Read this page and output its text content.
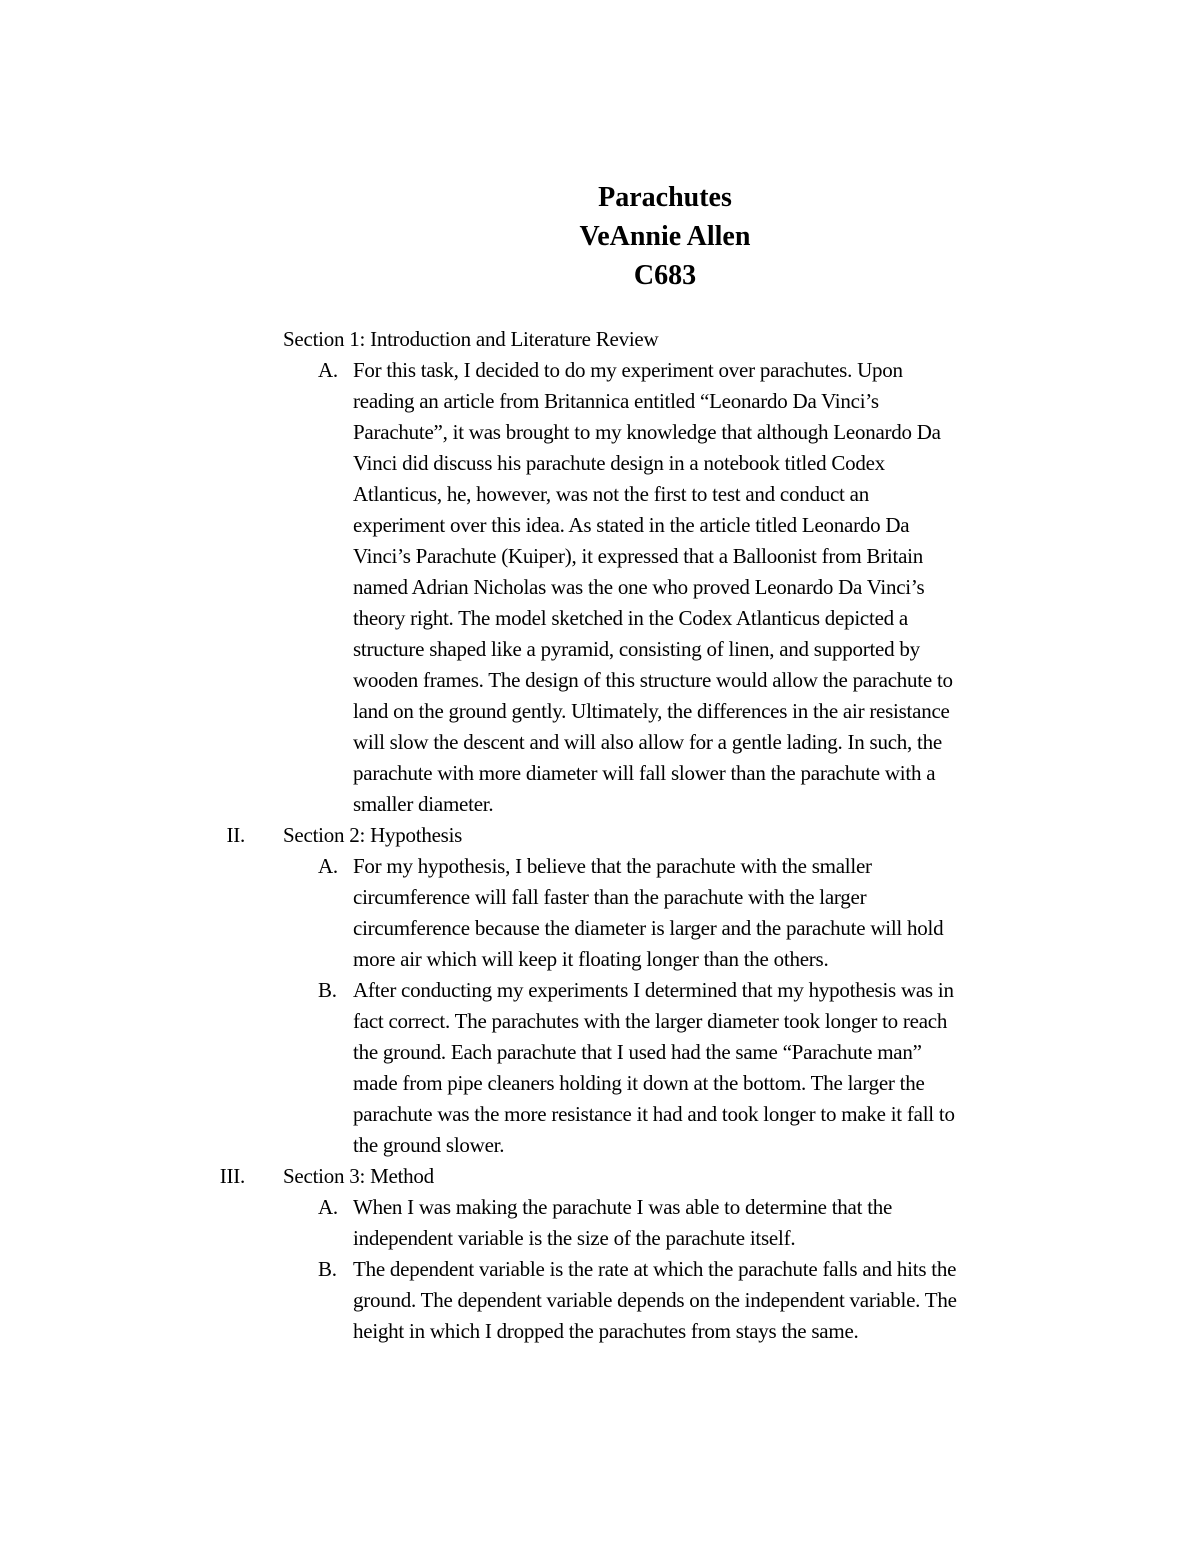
Parachutes
VeAnnie Allen
C683
Section 1: Introduction and Literature Review
A. For this task, I decided to do my experiment over parachutes. Upon
reading an article from Britannica entitled “Leonardo Da Vinci’s
Parachute”, it was brought to my knowledge that although Leonardo Da
Vinci did discuss his parachute design in a notebook titled Codex
Atlanticus, he, however, was not the first to test and conduct an
experiment over this idea. As stated in the article titled Leonardo Da
Vinci’s Parachute (Kuiper), it expressed that a Balloonist from Britain
named Adrian Nicholas was the one who proved Leonardo Da Vinci’s
theory right. The model sketched in the Codex Atlanticus depicted a
structure shaped like a pyramid, consisting of linen, and supported by
wooden frames. The design of this structure would allow the parachute to
land on the ground gently. Ultimately, the differences in the air resistance
will slow the descent and will also allow for a gentle lading. In such, the
parachute with more diameter will fall slower than the parachute with a
smaller diameter.
II. Section 2: Hypothesis
A. For my hypothesis, I believe that the parachute with the smaller
circumference will fall faster than the parachute with the larger
circumference because the diameter is larger and the parachute will hold
more air which will keep it floating longer than the others.
B. After conducting my experiments I determined that my hypothesis was in
fact correct. The parachutes with the larger diameter took longer to reach
the ground. Each parachute that I used had the same “Parachute man”
made from pipe cleaners holding it down at the bottom. The larger the
parachute was the more resistance it had and took longer to make it fall to
the ground slower.
III. Section 3: Method
A. When I was making the parachute I was able to determine that the
independent variable is the size of the parachute itself.
B. The dependent variable is the rate at which the parachute falls and hits the
ground. The dependent variable depends on the independent variable. The
height in which I dropped the parachutes from stays the same.
